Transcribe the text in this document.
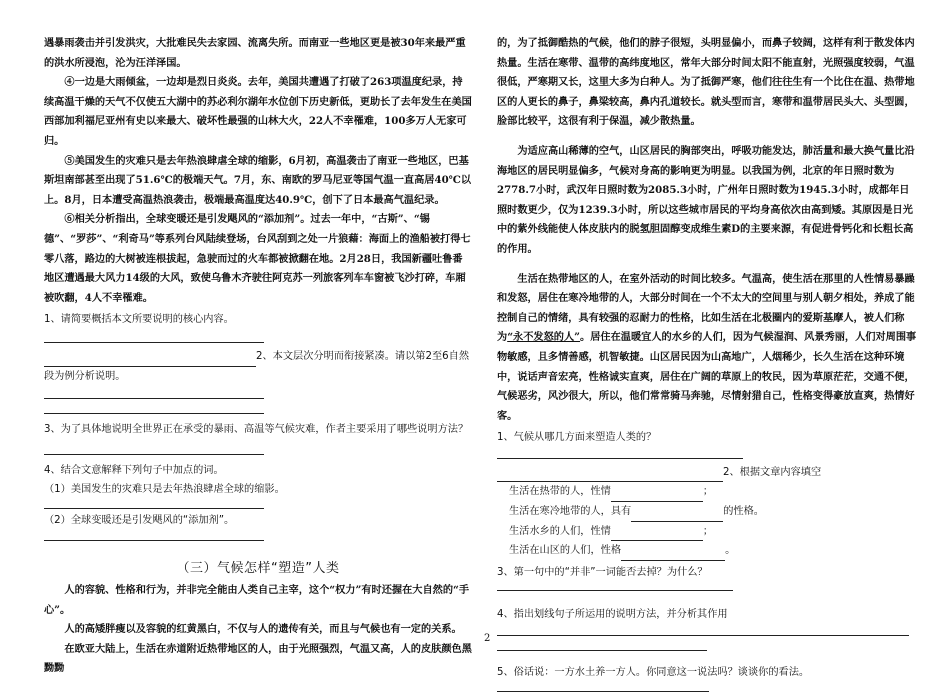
遇暴雨袭击并引发洪灾，大批难民失去家园、流离失所。而南亚一些地区更是被30年来最严重的洪水所浸泡，沦为汪洋泽国。

④一边是大雨倾盆，一边却是烈日炎炎。去年，美国共遭遇了打破了263项温度纪录，持续高温干燥的天气不仅使五大湖中的苏必利尔湖年水位创下历史新低，更助长了去年发生在美国西部加利福尼亚州有史以来最大、破坏性最强的山林大火，22人不幸罹难，100多万人无家可归。

⑤美国发生的灾难只是去年热浪肆虐全球的缩影，6月初，高温袭击了南亚一些地区，巴基斯坦南部甚至出现了51.6℃的极端天气。7月，东、南欧的罗马尼亚等国气温一直高居40℃以上。8月，日本遭受高温热浪袭击，极端最高温度达40.9℃，创下了日本最高气温纪录。

⑥相关分析指出，全球变暖还是引发飓风的“添加剂”。过去一年中，“古斯”、“锡德”、“罗莎”、“利奇马”等系列台风陆续登场，台风刮到之处一片狼藉：海面上的渔船被打得七零八落，路边的大树被连根拔起，急驶而过的火车都被掀翻在地。2月28日，我国新疆吐鲁番地区遭遇最大风力14级的大风，致使乌鲁木齐驶往阿克苏一列旅客列车车窗被飞沙打碎，车厢被吹翻，4人不幸罹难。

1、请简要概括本文所要说明的核心内容。

2、本文层次分明而衔接紧凑。请以第2至6自然段为例分析说明。

3、为了具体地说明全世界正在承受的暴雨、高温等气候灾难，作者主要采用了哪些说明方法？

4、结合文意解释下列句子中加点的词。

（1）美国发生的灾难只是去年热浪肆虐全球的缩影。

（2）全球变暖还是引发飓风的“添加剂”。

（三）气候怎样“塑造”人类

人的容貌、性格和行为，并非完全能由人类自己主宰，这个“权力”有时还握在大自然的“手心”。

人的高矮胖瘦以及容貌的红黄黑白，不仅与人的遗传有关，而且与气候也有一定的关系。

在欧亚大陆上，生活在赤道附近热带地区的人，由于光照强烈，气温又高，人的皮肤颜色黑黝黝

的，为了抵御酷热的气候，他们的脖子很短，头明显偏小，而鼻子较阔，这样有利于散发体内热量。生活在寒带、温带的高纬度地区，常年大部分时间太阳不能直射，光照强度较弱，气温很低，严寒期又长，这里大多为白种人。为了抵御严寒，他们往往生有一个比住在温、热带地区的人更长的鼻子，鼻梁较高，鼻内孔道较长。就头型而言，寒带和温带居民头大、头型圆，脸部比较平，这很有利于保温，减少散热量。

为适应高山稀薄的空气，山区居民的胸部突出，呼吸功能发达，肺活量和最大换气量比沿海地区的居民明显偏多，气候对身高的影响更为明显。以我国为例，北京的年日照时数为2778.7小时，武汉年日照时数为2085.3小时，广州年日照时数为1945.3小时，成都年日照时数更少，仅为1239.3小时，所以这些城市居民的平均身高依次由高到矮。其原因是日光中的紫外线能使人体皮肤内的脱氢胆固醇变成维生素D的主要来源，有促进骨钙化和长粗长高的作用。

生活在热带地区的人，在室外活动的时间比较多。气温高，使生活在那里的人性情易暴躁和发怒，居住在寒冷地带的人，大部分时间在一个不太大的空间里与别人朝夕相处，养成了能控制自己的情绪，具有较强的忍耐力的性格，比如生活在北极圈内的爱斯基摩人，被人们称为“永不发怒的人”。居住在温暖宜人的水乡的人们，因为气候湿润、风景秀丽，人们对周围事物敏感，且多情善感，机智敏捷。山区居民因为山高地广，人烟稀少，长久生活在这种环境中，说话声音宏亮，性格诚实直爽，居住在广阔的草原上的牧民，因为草原茫茫，交通不便，气候恶劣，风沙很大，所以，他们常常骑马奔驰，尽情射猎自己，性格变得豪放直爽，热情好客。

1、气候从哪几方面来塑造人类的？

2、根据文章内容填空

生活在热带的人，性情	；

生活在寒冷地带的人，具有	的性格。

生活水乡的人们，性情	；

生活在山区的人们，性格	。

3、第一句中的“并非”一词能否去掉？为什么？

4、指出划线句子所运用的说明方法，并分析其作用

5、俗话说：一方水土养一方人。你同意这一说法吗？谈谈你的看法。

2
